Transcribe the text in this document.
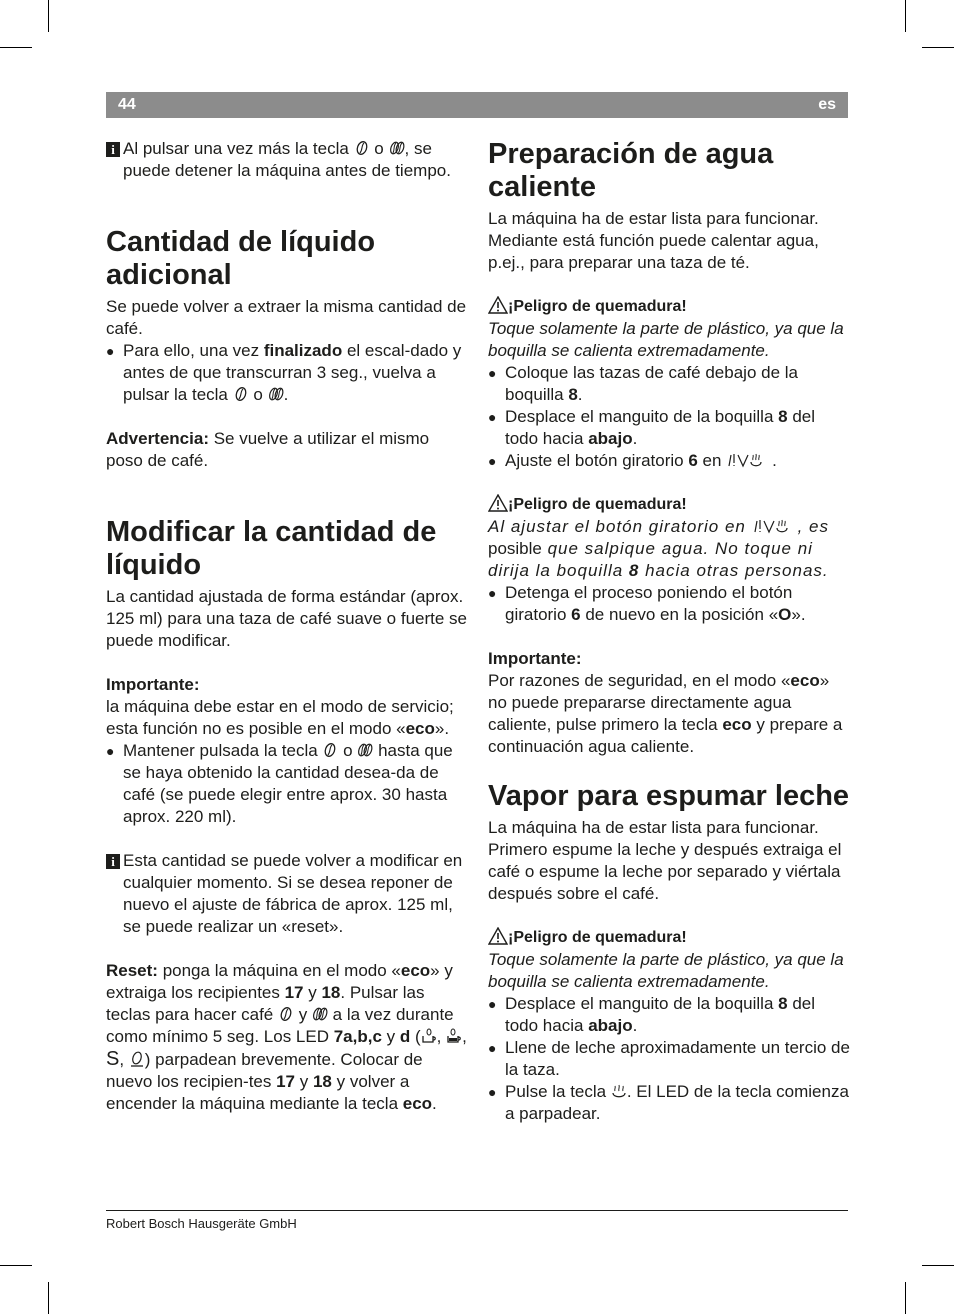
44	es
i Al pulsar una vez más la tecla
o , se puede detener la máquina antes de tiempo.
Cantidad de líquido adicional

Se puede volver a extraer la misma cantidad de café.

● Para ello, una vez finalizado el escal-dado y antes de que transcurran 3 seg., vuelva a pulsar la tecla
o .

Advertencia: Se vuelve a utilizar el mismo poso de café.

Modificar la cantidad de líquido

La cantidad ajustada de forma estándar (aprox. 125 ml) para una taza de café suave o fuerte se puede modificar.

Importante:

la máquina debe estar en el modo de servicio; esta función no es posible en el modo «eco».

● Mantener pulsada la tecla
o
hasta que se haya obtenido la cantidad desea-da de café (se puede elegir entre aprox. 30 hasta aprox. 220 ml).
i Esta cantidad se puede volver a modificar en cualquier momento. Si se desea reponer de nuevo el ajuste de fábrica de aprox. 125 ml, se puede realizar un «reset».

Reset: ponga la máquina en el modo «eco» y extraiga los recipientes 17 y 18. Pulsar las teclas para hacer café
y
a la vez durante como mínimo 5 seg. Los LED 7a,b,c y d ( ,
, S,
) parpadean brevemente. Colocar de nuevo los recipien-tes 17 y 18 y volver a encender la máquina mediante la tecla eco.

Preparación de agua caliente

La máquina ha de estar lista para funcionar. Mediante está función puede calentar agua, p.ej., para preparar una taza de té.

¡Peligro de quemadura!

Toque solamente la parte de plástico, ya que la boquilla se calienta extremadamente.

● Coloque las tazas de café debajo de la boquilla 8.
● Desplace el manguito de la boquilla 8 del todo hacia abajo.
● Ajuste el botón giratorio 6 en	.

¡Peligro de quemadura!

Al ajustar el botón giratorio en	, es
posible que salpique agua. No toque ni dirija la boquilla 8 hacia otras personas.

● Detenga el proceso poniendo el botón giratorio 6 de nuevo en la posición «O».

Importante:

Por razones de seguridad, en el modo «eco» no puede prepararse directamente agua caliente, pulse primero la tecla eco y prepare a continuación agua caliente.

Vapor para espumar leche

La máquina ha de estar lista para funcionar. Primero espume la leche y después extraiga el café o espume la leche por separado y viértala después sobre el café.

¡Peligro de quemadura!

Toque solamente la parte de plástico, ya que la boquilla se calienta extremadamente.

● Desplace el manguito de la boquilla 8 del todo hacia abajo.
● Llene de leche aproximadamente un tercio de la taza.
● Pulse la tecla
. El LED de la tecla comienza a parpadear.
Robert Bosch Hausgeräte GmbH
